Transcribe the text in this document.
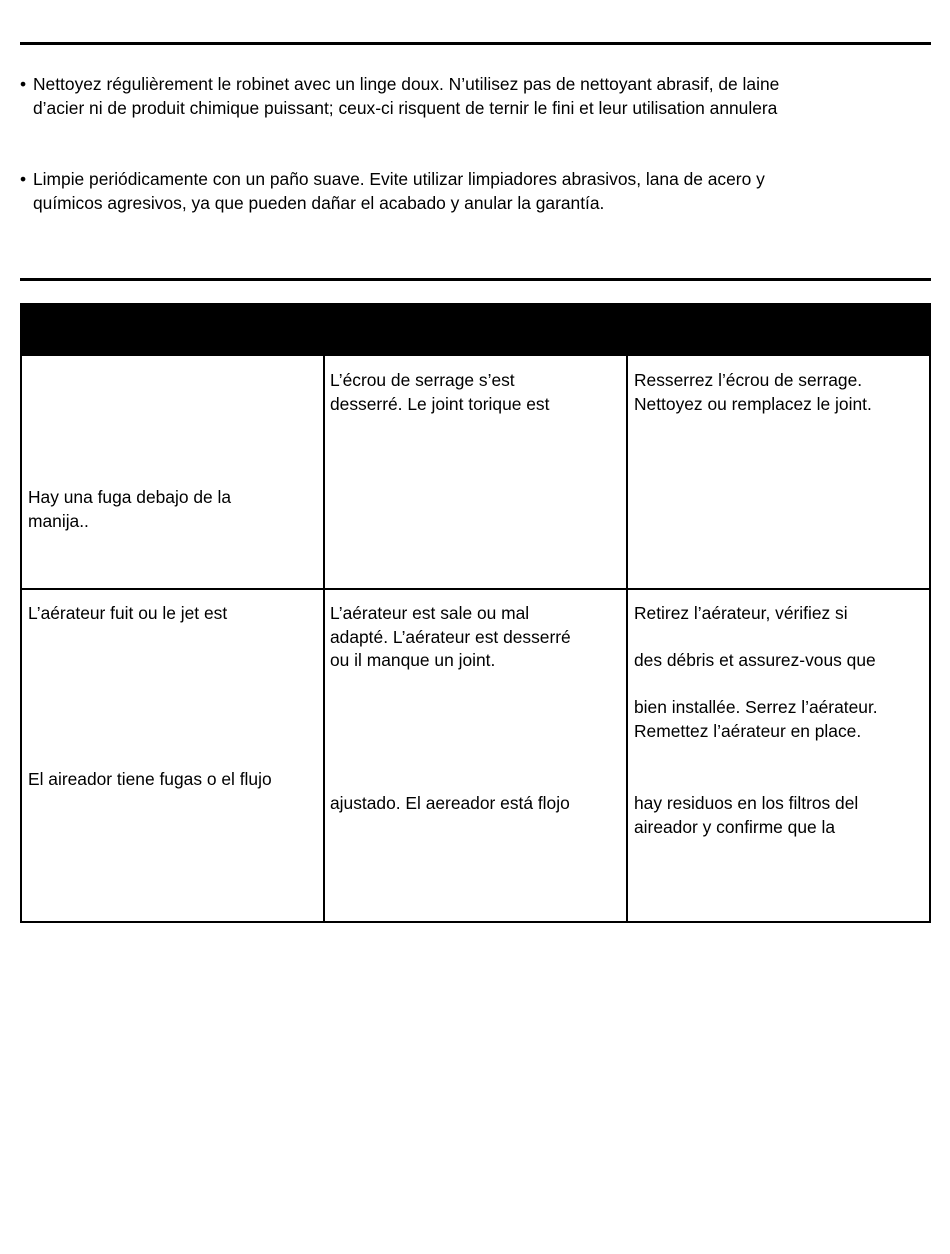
• Nettoyez régulièrement le robinet avec un linge doux. N’utilisez pas de nettoyant abrasif, de laine
d’acier ni de produit chimique puissant; ceux-ci risquent de ternir le fini et leur utilisation annulera
• Limpie periódicamente con un paño suave. Evite utilizar limpiadores abrasivos, lana de acero y
químicos agresivos, ya que pueden dañar el acabado y anular la garantía.
Hay una fuga debajo de la
manija..
L’écrou de serrage s’est
desserré. Le joint torique est
Resserrez l’écrou de serrage.
Nettoyez ou remplacez le joint.
L’aérateur fuit ou le jet est
El aireador tiene fugas o el flujo
L’aérateur est sale ou mal
adapté. L’aérateur est desserré
ou il manque un joint.
ajustado. El aereador está flojo
Retirez l’aérateur, vérifiez si
des débris et assurez-vous que
bien installée. Serrez l’aérateur.
Remettez l’aérateur en place.
hay residuos en los filtros del
aireador y confirme que la
